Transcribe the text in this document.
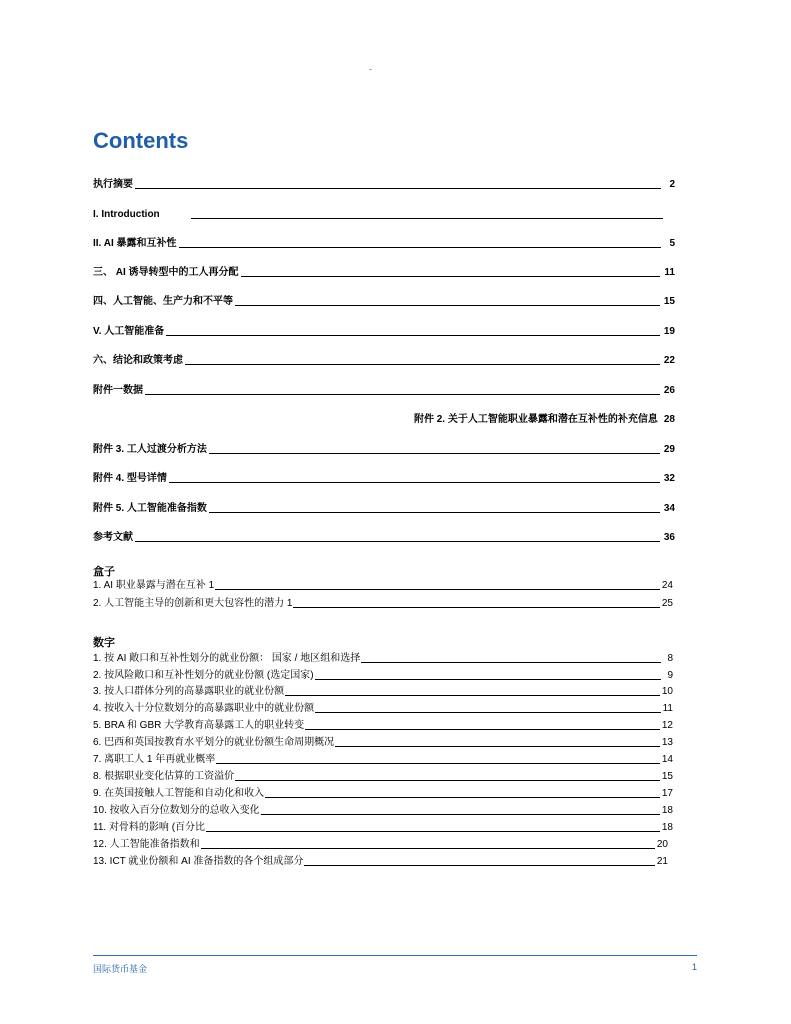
-
Contents
执行摘要	2
I. Introduction
II. AI 暴露和互补性	5
三、 AI 诱导转型中的工人再分配	11
四、人工智能、生产力和不平等	15
V. 人工智能准备	19
六、结论和政策考虑	22
附件一数据	26
附件 2. 关于人工智能职业暴露和潜在互补性的补充信息 28
附件 3. 工人过渡分析方法	29
附件 4. 型号详情	32
附件 5. 人工智能准备指数	34
参考文献	36
盒子
1. AI 职业暴露与潜在互补 1	24
2. 人工智能主导的创新和更大包容性的潜力 1	25
数字
1. 按 AI 敞口和互补性划分的就业份额： 国家 / 地区组和选择	8
2. 按风险敞口和互补性划分的就业份额 (选定国家)	9
3. 按人口群体分列的高暴露职业的就业份额	10
4. 按收入十分位数划分的高暴露职业中的就业份额	11
5. BRA 和 GBR 大学教育高暴露工人的职业转变	12
6. 巴西和英国按教育水平划分的就业份额生命周期概况	13
7. 离职工人 1 年再就业概率	14
8. 根据职业变化估算的工资溢价	15
9. 在英国接触人工智能和自动化和收入	17
10. 按收入百分位数划分的总收入变化	18
11. 对骨料的影响 (百分比	18
12. 人工智能准备指数和	20
13. ICT 就业份额和 AI 准备指数的各个组成部分	21
国际货币基金	1
